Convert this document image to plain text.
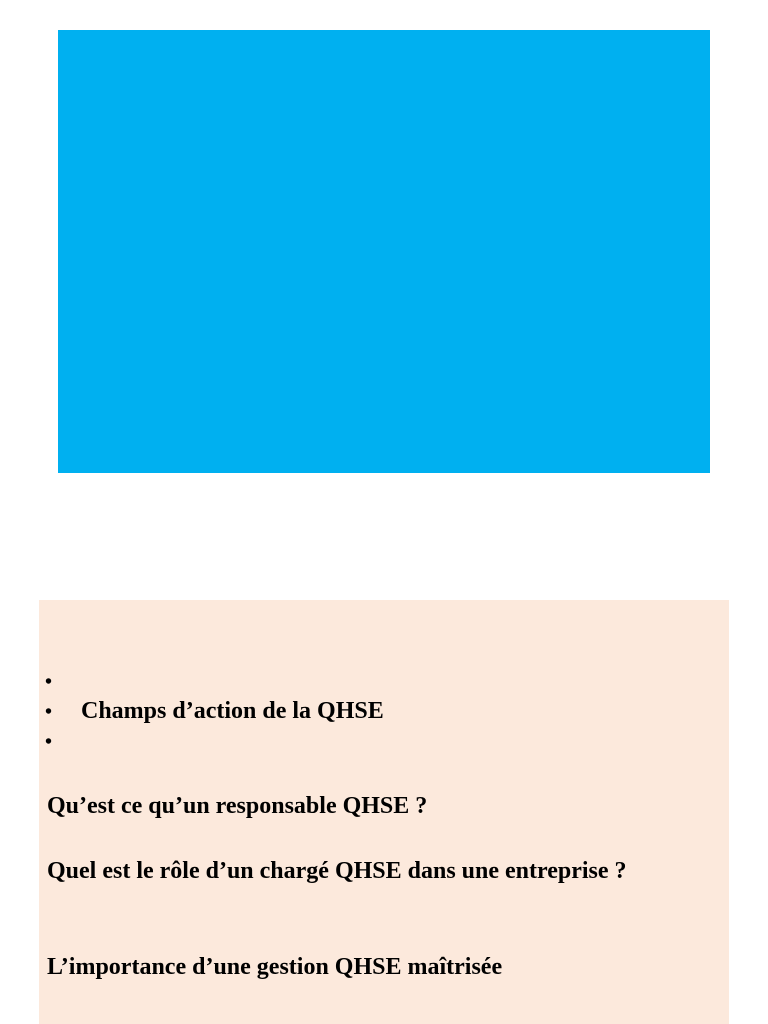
•
• Champs d’action de la QHSE
•
Qu’est ce qu’un responsable QHSE ?
Quel est le rôle d’un chargé QHSE dans une entreprise ?
L’importance d’une gestion QHSE maîtrisée
